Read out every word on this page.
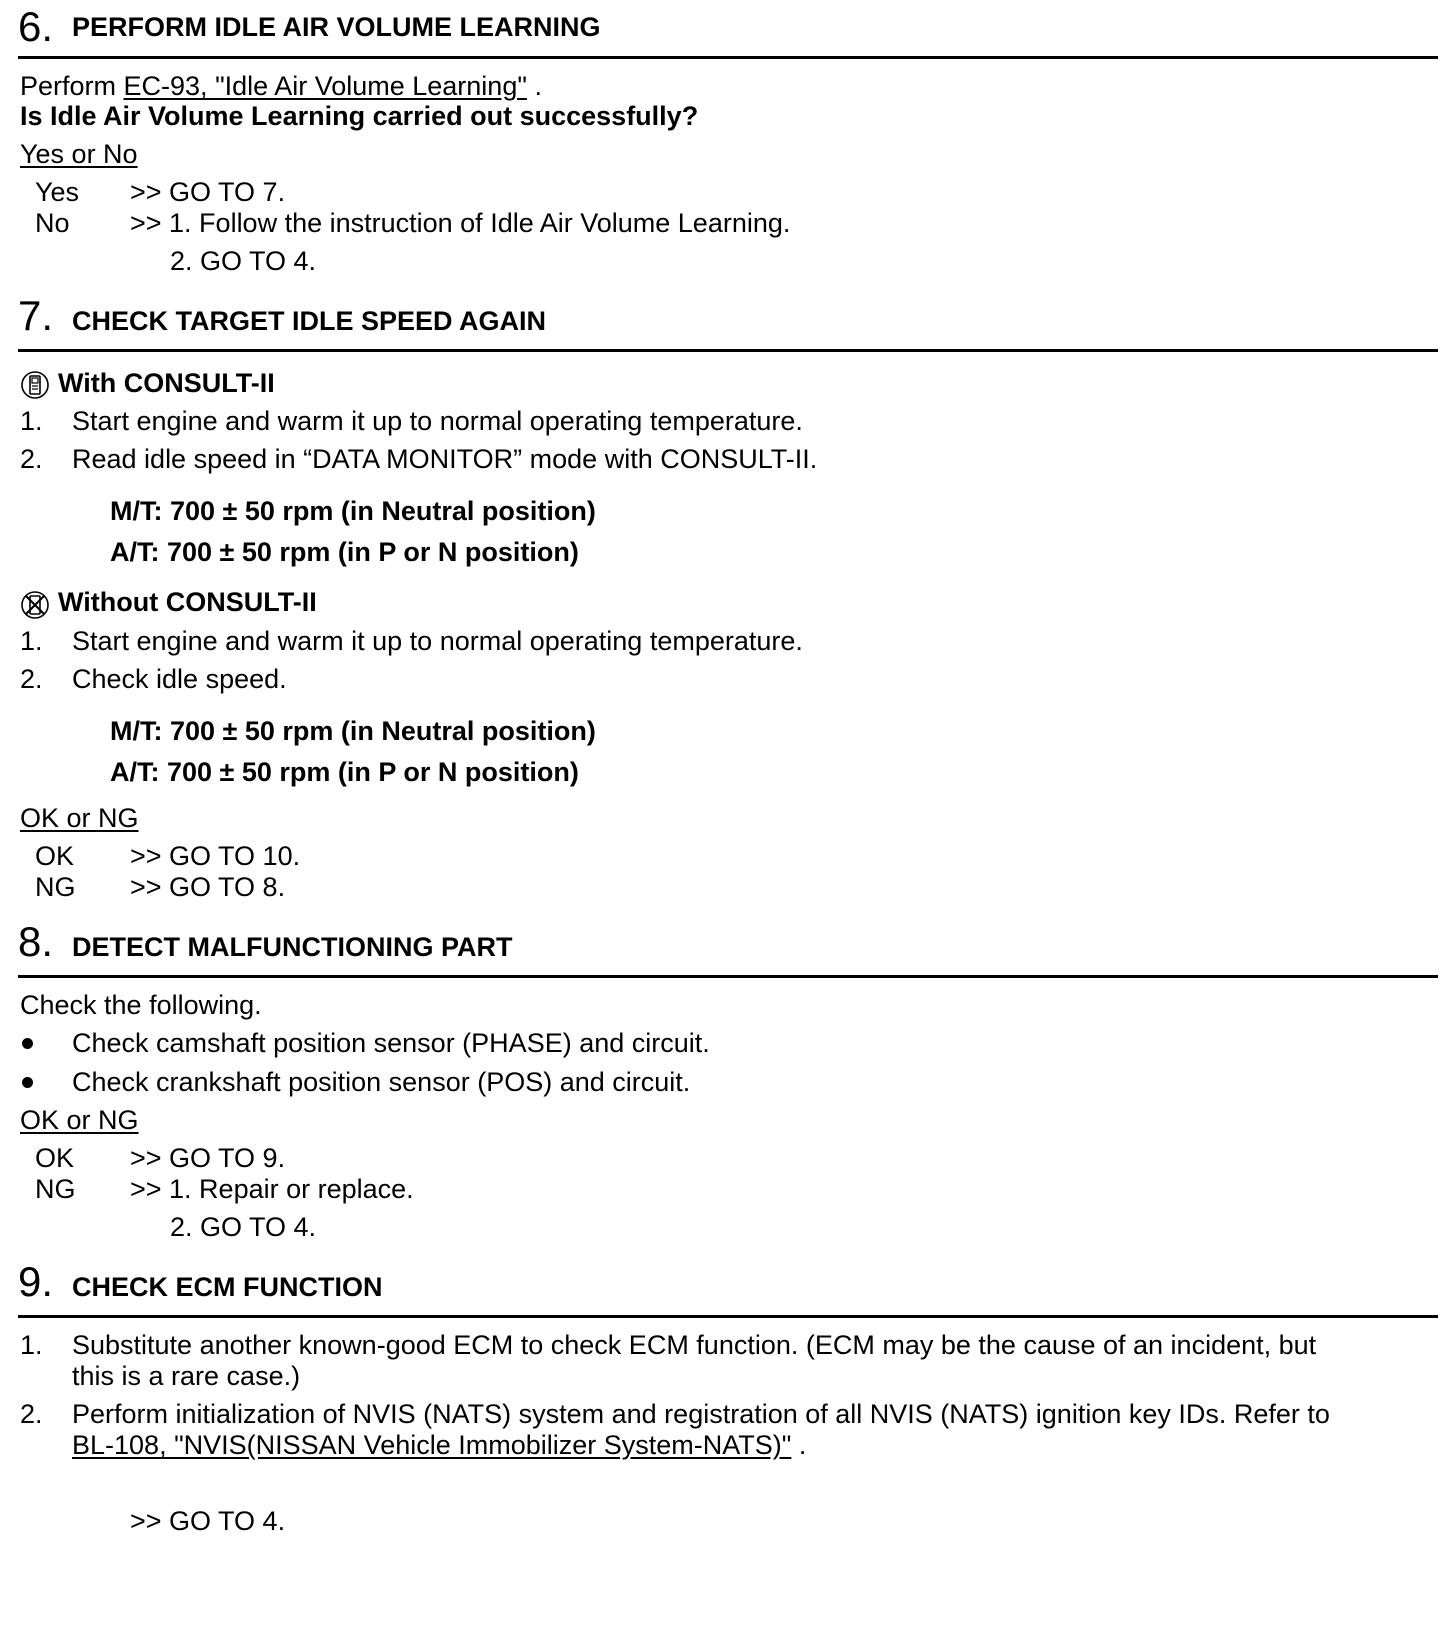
6. PERFORM IDLE AIR VOLUME LEARNING
Perform EC-93, "Idle Air Volume Learning" .
Is Idle Air Volume Learning carried out successfully?
Yes or No
Yes >> GO TO 7.
No >> 1. Follow the instruction of Idle Air Volume Learning.
2. GO TO 4.
7. CHECK TARGET IDLE SPEED AGAIN
With CONSULT-II
1. Start engine and warm it up to normal operating temperature.
2. Read idle speed in “DATA MONITOR” mode with CONSULT-II.
M/T: 700 ± 50 rpm (in Neutral position)
A/T: 700 ± 50 rpm (in P or N position)
Without CONSULT-II
1. Start engine and warm it up to normal operating temperature.
2. Check idle speed.
M/T: 700 ± 50 rpm (in Neutral position)
A/T: 700 ± 50 rpm (in P or N position)
OK or NG
OK >> GO TO 10.
NG >> GO TO 8.
8. DETECT MALFUNCTIONING PART
Check the following.
Check camshaft position sensor (PHASE) and circuit.
Check crankshaft position sensor (POS) and circuit.
OK or NG
OK >> GO TO 9.
NG >> 1. Repair or replace.
2. GO TO 4.
9. CHECK ECM FUNCTION
1. Substitute another known-good ECM to check ECM function. (ECM may be the cause of an incident, but
this is a rare case.)
2. Perform initialization of NVIS (NATS) system and registration of all NVIS (NATS) ignition key IDs. Refer to
BL-108, "NVIS(NISSAN Vehicle Immobilizer System-NATS)" .
>> GO TO 4.
